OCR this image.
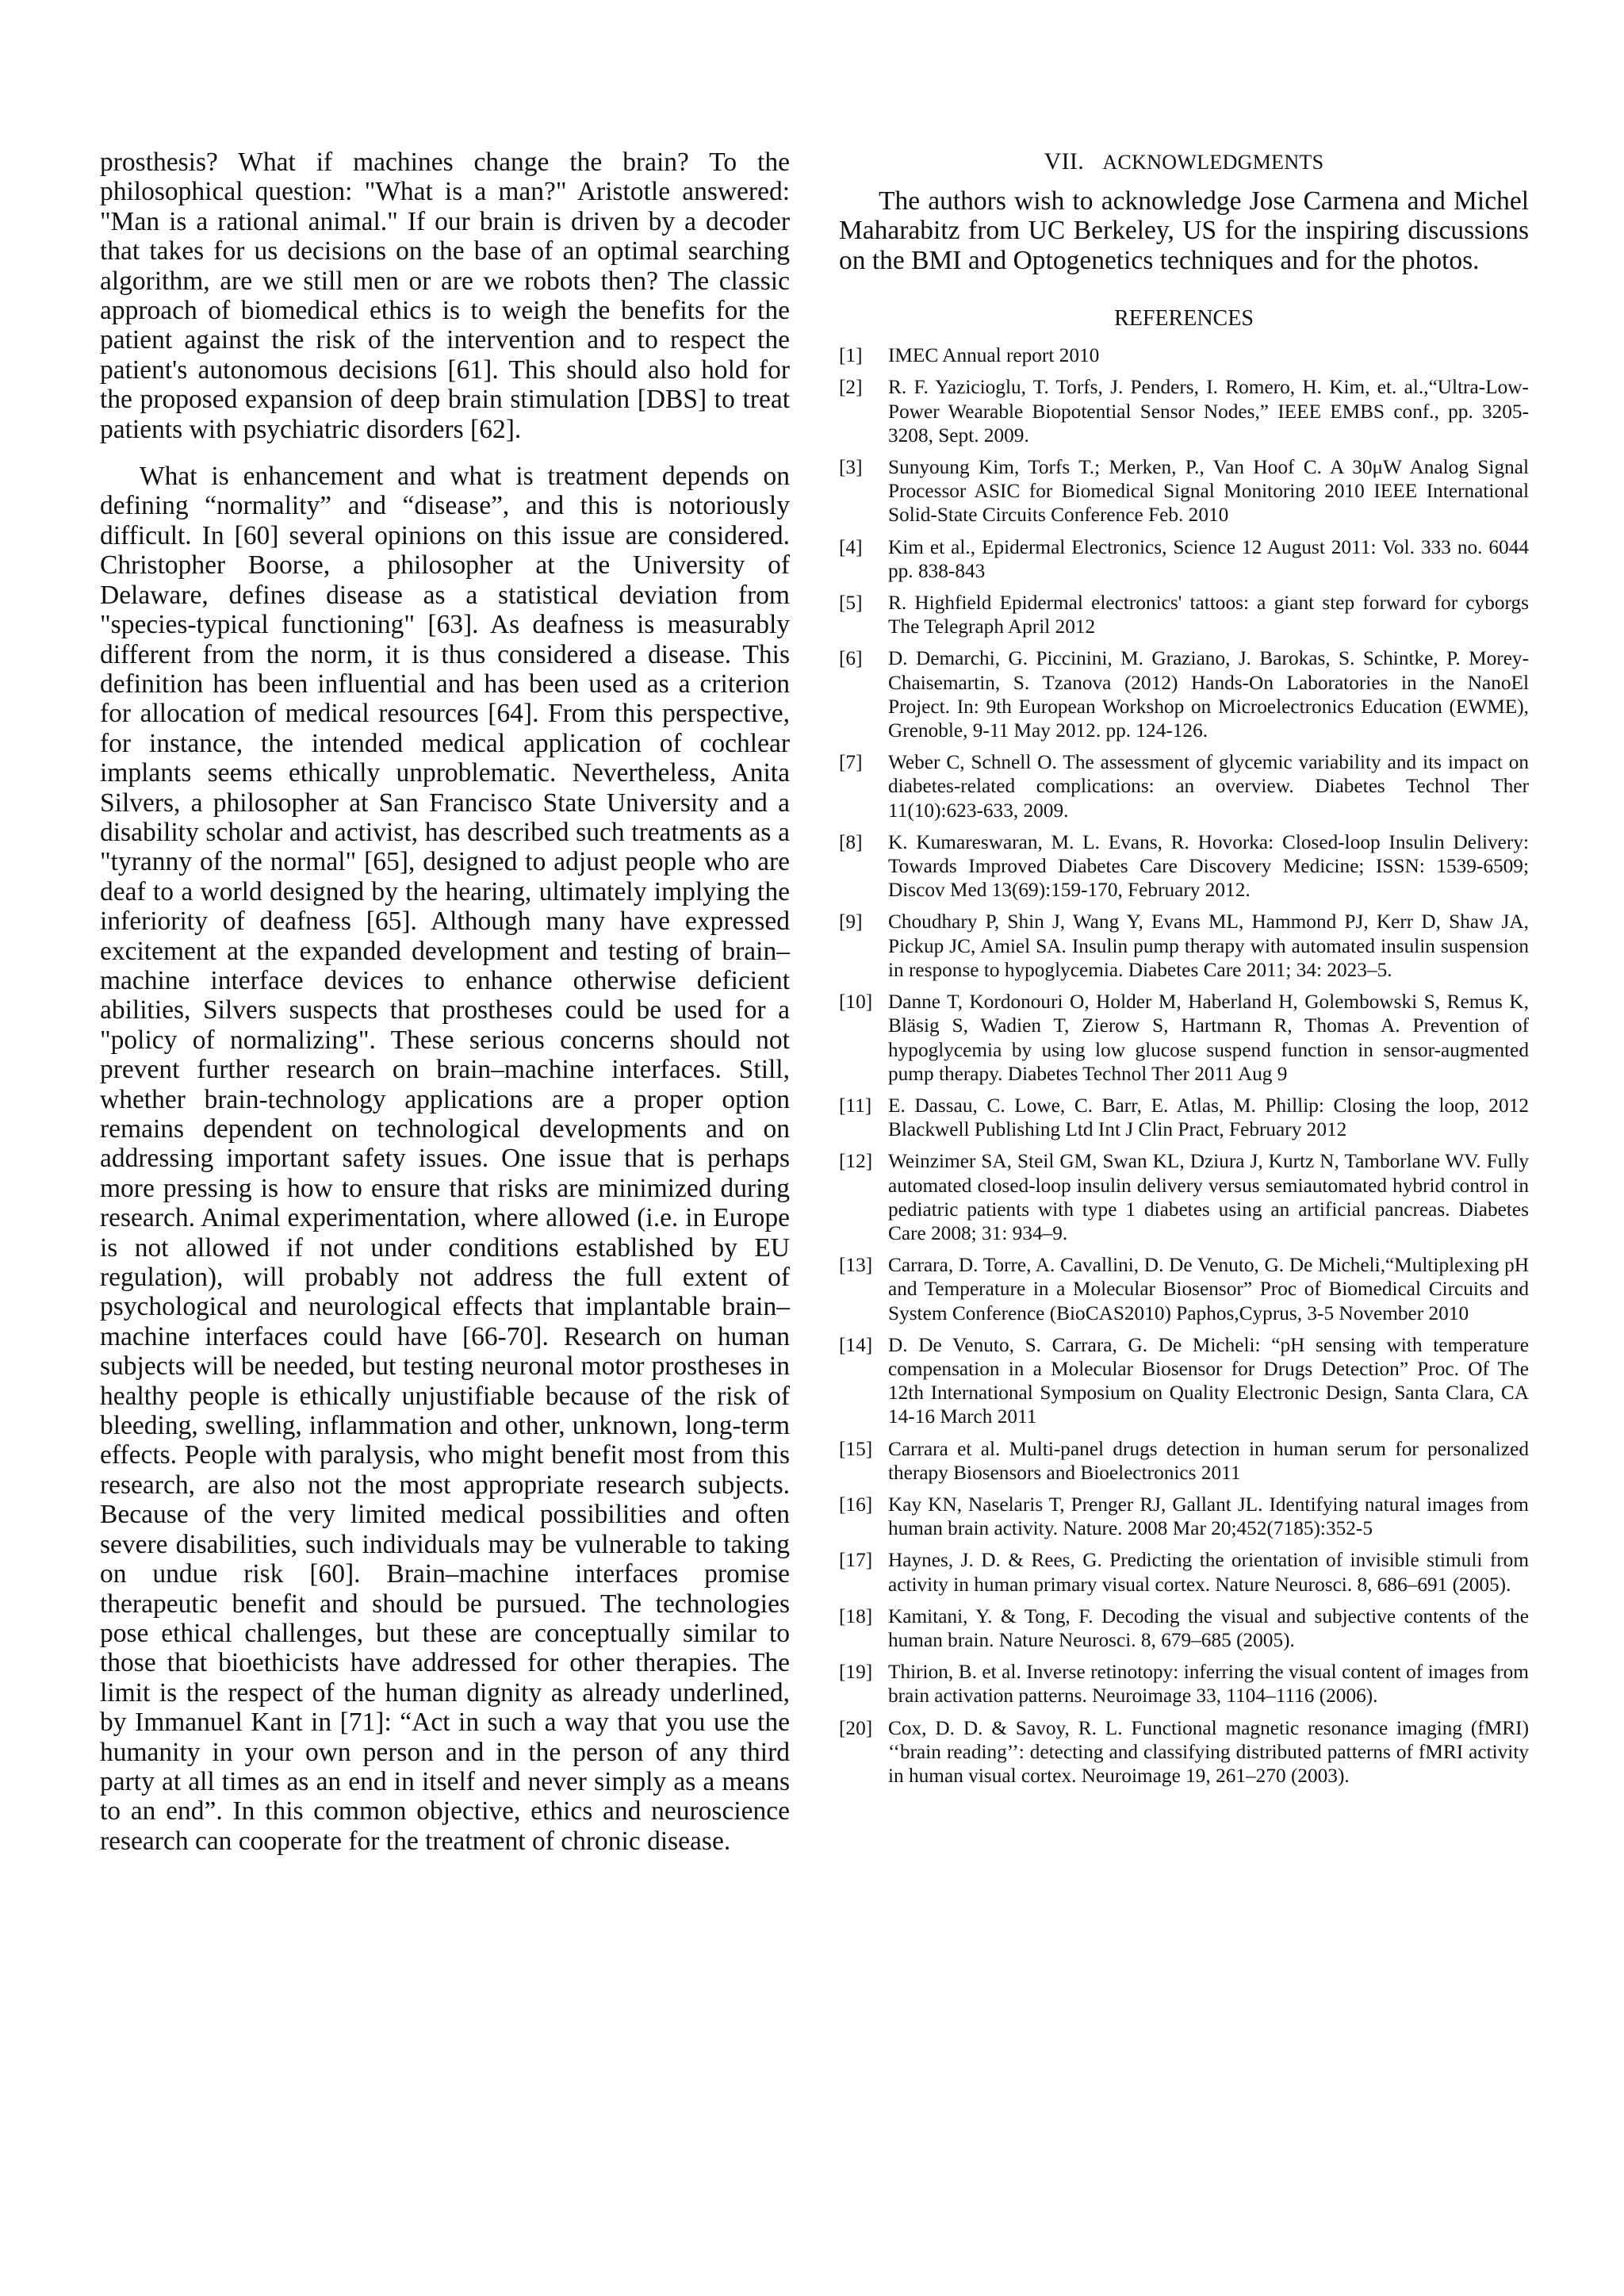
prosthesis? What if machines change the brain? To the philosophical question: "What is a man?" Aristotle answered: "Man is a rational animal." If our brain is driven by a decoder that takes for us decisions on the base of an optimal searching algorithm, are we still men or are we robots then? The classic approach of biomedical ethics is to weigh the benefits for the patient against the risk of the intervention and to respect the patient's autonomous decisions [61]. This should also hold for the proposed expansion of deep brain stimulation [DBS] to treat patients with psychiatric disorders [62].

What is enhancement and what is treatment depends on defining “normality” and “disease”, and this is notoriously difficult. In [60] several opinions on this issue are considered. Christopher Boorse, a philosopher at the University of Delaware, defines disease as a statistical deviation from "species-typical functioning" [63]. As deafness is measurably different from the norm, it is thus considered a disease. This definition has been influential and has been used as a criterion for allocation of medical resources [64]. From this perspective, for instance, the intended medical application of cochlear implants seems ethically unproblematic. Nevertheless, Anita Silvers, a philosopher at San Francisco State University and a disability scholar and activist, has described such treatments as a "tyranny of the normal" [65], designed to adjust people who are deaf to a world designed by the hearing, ultimately implying the inferiority of deafness [65]. Although many have expressed excitement at the expanded development and testing of brain–machine interface devices to enhance otherwise deficient abilities, Silvers suspects that prostheses could be used for a "policy of normalizing". These serious concerns should not prevent further research on brain–machine interfaces. Still, whether brain-technology applications are a proper option remains dependent on technological developments and on addressing important safety issues. One issue that is perhaps more pressing is how to ensure that risks are minimized during research. Animal experimentation, where allowed (i.e. in Europe is not allowed if not under conditions established by EU regulation), will probably not address the full extent of psychological and neurological effects that implantable brain–machine interfaces could have [66-70]. Research on human subjects will be needed, but testing neuronal motor prostheses in healthy people is ethically unjustifiable because of the risk of bleeding, swelling, inflammation and other, unknown, long-term effects. People with paralysis, who might benefit most from this research, are also not the most appropriate research subjects. Because of the very limited medical possibilities and often severe disabilities, such individuals may be vulnerable to taking on undue risk [60]. Brain–machine interfaces promise therapeutic benefit and should be pursued. The technologies pose ethical challenges, but these are conceptually similar to those that bioethicists have addressed for other therapies. The limit is the respect of the human dignity as already underlined, by Immanuel Kant in [71]: “Act in such a way that you use the humanity in your own person and in the person of any third party at all times as an end in itself and never simply as a means to an end”. In this common objective, ethics and neuroscience research can cooperate for the treatment of chronic disease.

VII. ACKNOWLEDGMENTS

The authors wish to acknowledge Jose Carmena and Michel Maharabitz from UC Berkeley, US for the inspiring discussions on the BMI and Optogenetics techniques and for the photos.

REFERENCES
[1] IMEC Annual report 2010
[2] R. F. Yazicioglu, T. Torfs, J. Penders, I. Romero, H. Kim, et. al.,“Ultra-Low-Power Wearable Biopotential Sensor Nodes,” IEEE EMBS conf., pp. 3205-3208, Sept. 2009.
[3] Sunyoung Kim, Torfs T.; Merken, P., Van Hoof C. A 30μW Analog Signal Processor ASIC for Biomedical Signal Monitoring 2010 IEEE International Solid-State Circuits Conference Feb. 2010
[4] Kim et al., Epidermal Electronics, Science 12 August 2011: Vol. 333 no. 6044 pp. 838-843
[5] R. Highfield Epidermal electronics' tattoos: a giant step forward for cyborgs The Telegraph April 2012
[6] D. Demarchi, G. Piccinini, M. Graziano, J. Barokas, S. Schintke, P. Morey-Chaisemartin, S. Tzanova (2012) Hands-On Laboratories in the NanoEl Project. In: 9th European Workshop on Microelectronics Education (EWME), Grenoble, 9-11 May 2012. pp. 124-126.
[7] Weber C, Schnell O. The assessment of glycemic variability and its impact on diabetes-related complications: an overview. Diabetes Technol Ther 11(10):623-633, 2009.
[8] K. Kumareswaran, M. L. Evans, R. Hovorka: Closed-loop Insulin Delivery: Towards Improved Diabetes Care Discovery Medicine; ISSN: 1539-6509; Discov Med 13(69):159-170, February 2012.
[9] Choudhary P, Shin J, Wang Y, Evans ML, Hammond PJ, Kerr D, Shaw JA, Pickup JC, Amiel SA. Insulin pump therapy with automated insulin suspension in response to hypoglycemia. Diabetes Care 2011; 34: 2023–5.
[10] Danne T, Kordonouri O, Holder M, Haberland H, Golembowski S, Remus K, Bläsig S, Wadien T, Zierow S, Hartmann R, Thomas A. Prevention of hypoglycemia by using low glucose suspend function in sensor-augmented pump therapy. Diabetes Technol Ther 2011 Aug 9
[11] E. Dassau, C. Lowe, C. Barr, E. Atlas, M. Phillip: Closing the loop, 2012 Blackwell Publishing Ltd Int J Clin Pract, February 2012
[12] Weinzimer SA, Steil GM, Swan KL, Dziura J, Kurtz N, Tamborlane WV. Fully automated closed-loop insulin delivery versus semiautomated hybrid control in pediatric patients with type 1 diabetes using an artificial pancreas. Diabetes Care 2008; 31: 934–9.
[13] Carrara, D. Torre, A. Cavallini, D. De Venuto, G. De Micheli,“Multiplexing pH and Temperature in a Molecular Biosensor” Proc of Biomedical Circuits and System Conference (BioCAS2010) Paphos,Cyprus, 3-5 November 2010
[14] D. De Venuto, S. Carrara, G. De Micheli: “pH sensing with temperature compensation in a Molecular Biosensor for Drugs Detection” Proc. Of The 12th International Symposium on Quality Electronic Design, Santa Clara, CA 14-16 March 2011
[15] Carrara et al. Multi-panel drugs detection in human serum for personalized therapy Biosensors and Bioelectronics 2011
[16] Kay KN, Naselaris T, Prenger RJ, Gallant JL. Identifying natural images from human brain activity. Nature. 2008 Mar 20;452(7185):352-5
[17] Haynes, J. D. & Rees, G. Predicting the orientation of invisible stimuli from activity in human primary visual cortex. Nature Neurosci. 8, 686–691 (2005).
[18] Kamitani, Y. & Tong, F. Decoding the visual and subjective contents of the human brain. Nature Neurosci. 8, 679–685 (2005).
[19] Thirion, B. et al. Inverse retinotopy: inferring the visual content of images from brain activation patterns. Neuroimage 33, 1104–1116 (2006).
[20] Cox, D. D. & Savoy, R. L. Functional magnetic resonance imaging (fMRI) ‘‘brain reading’’: detecting and classifying distributed patterns of fMRI activity in human visual cortex. Neuroimage 19, 261–270 (2003).
